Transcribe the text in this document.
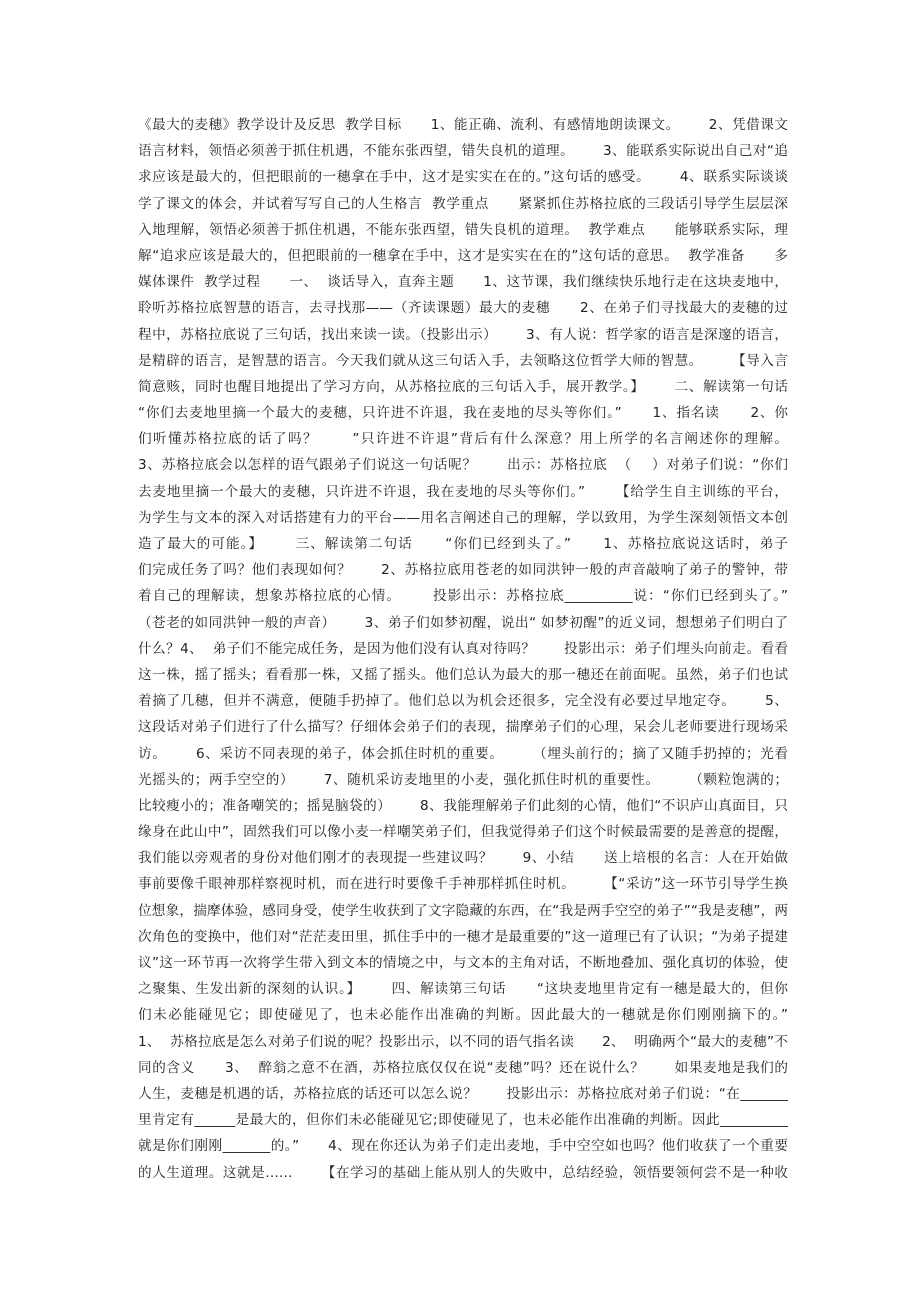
《最大的麦穗》教学设计及反思  教学目标      1、能正确、流利、有感情地朗读课文。      2、凭借课文
语言材料，领悟必须善于抓住机遇，不能东张西望，错失良机的道理。      3、能联系实际说出自己对“追
求应该是最大的，但把眼前的一穗拿在手中，这才是实实在在的。”这句话的感受。      4、联系实际谈谈
学了课文的体会，并试着写写自己的人生格言  教学重点      紧紧抓住苏格拉底的三段话引导学生层层深
入地理解，领悟必须善于抓住机遇，不能东张西望，错失良机的道理。  教学难点      能够联系实际，理
解“追求应该是最大的，但把眼前的一穗拿在手中，这才是实实在在的”这句话的意思。  教学准备      多
媒体课件  教学过程      一、  谈话导入，直奔主题      1、这节课，我们继续快乐地行走在这块麦地中，
聆听苏格拉底智慧的语言，去寻找那——（齐读课题）最大的麦穗      2、在弟子们寻找最大的麦穗的过
程中，苏格拉底说了三句话，找出来读一读。（投影出示）      3、有人说：哲学家的语言是深邃的语言，
是精辟的语言，是智慧的语言。今天我们就从这三句话入手，去领略这位哲学大师的智慧。      【导入言
简意赅，同时也醒目地提出了学习方向，从苏格拉底的三句话入手，展开教学。】      二、解读第一句话
“你们去麦地里摘一个最大的麦穗，只许进不许退，我在麦地的尽头等你们。”      1、指名读      2、你
们听懂苏格拉底的话了吗？      ”只许进不许退”背后有什么深意？用上所学的名言阐述你的理解。
3、苏格拉底会以怎样的语气跟弟子们说这一句话呢？      出示：苏格拉底  （    ）对弟子们说：“你们
去麦地里摘一个最大的麦穗，只许进不许退，我在麦地的尽头等你们。”      【给学生自主训练的平台，
为学生与文本的深入对话搭建有力的平台——用名言阐述自己的理解，学以致用，为学生深刻领悟文本创
造了最大的可能。】      三、解读第二句话      “你们已经到头了。”      1、苏格拉底说这话时，弟子
们完成任务了吗？他们表现如何？      2、苏格拉底用苍老的如同洪钟一般的声音敲响了弟子的警钟，带
着自己的理解读，想象苏格拉底的心情。      投影出示：苏格拉底__________说：“你们已经到头了。”
（苍老的如同洪钟一般的声音）      3、弟子们如梦初醒，说出“ 如梦初醒”的近义词，想想弟子们明白了
什么？4、  弟子们不能完成任务，是因为他们没有认真对待吗？      投影出示：弟子们埋头向前走。看看
这一株，摇了摇头；看看那一株，又摇了摇头。他们总认为最大的那一穗还在前面呢。虽然，弟子们也试
着摘了几穗，但并不满意，便随手扔掉了。他们总以为机会还很多，完全没有必要过早地定夺。      5、
这段话对弟子们进行了什么描写？仔细体会弟子们的表现，揣摩弟子们的心理，呆会儿老师要进行现场采
访。      6、采访不同表现的弟子，体会抓住时机的重要。      （埋头前行的；摘了又随手扔掉的；光看
光摇头的；两手空空的）      7、随机采访麦地里的小麦，强化抓住时机的重要性。      （颗粒饱满的；
比较瘦小的；准备嘲笑的；摇晃脑袋的）      8、我能理解弟子们此刻的心情，他们“不识庐山真面目，只
缘身在此山中”，固然我们可以像小麦一样嘲笑弟子们，但我觉得弟子们这个时候最需要的是善意的提醒，
我们能以旁观者的身份对他们刚才的表现提一些建议吗？      9、小结      送上培根的名言：人在开始做
事前要像千眼神那样察视时机，而在进行时要像千手神那样抓住时机。      【“采访”这一环节引导学生换
位想象，揣摩体验，感同身受，使学生收获到了文字隐藏的东西，在“我是两手空空的弟子”“我是麦穗”，两
次角色的变换中，他们对“茫茫麦田里，抓住手中的一穗才是最重要的”这一道理已有了认识；“为弟子提建
议”这一环节再一次将学生带入到文本的情境之中，与文本的主角对话，不断地叠加、强化真切的体验，使
之聚集、生发出新的深刻的认识。】      四、解读第三句话      “这块麦地里肯定有一穗是最大的，但你
们未必能碰见它；即使碰见了，也未必能作出准确的判断。因此最大的一穗就是你们刚刚摘下的。”
1、  苏格拉底是怎么对弟子们说的呢？投影出示，以不同的语气指名读      2、  明确两个“最大的麦穗”不
同的含义      3、  醉翁之意不在酒，苏格拉底仅仅在说“麦穗”吗？还在说什么？      如果麦地是我们的
人生，麦穗是机遇的话，苏格拉底的话还可以怎么说？      投影出示：苏格拉底对弟子们说：“在_______
里肯定有______是最大的，但你们未必能碰见它;即使碰见了，也未必能作出准确的判断。因此__________
就是你们刚刚_______的。”      4、现在你还认为弟子们走出麦地，手中空空如也吗？他们收获了一个重要
的人生道理。这就是……      【在学习的基础上能从别人的失败中，总结经验，领悟要领何尝不是一种收
